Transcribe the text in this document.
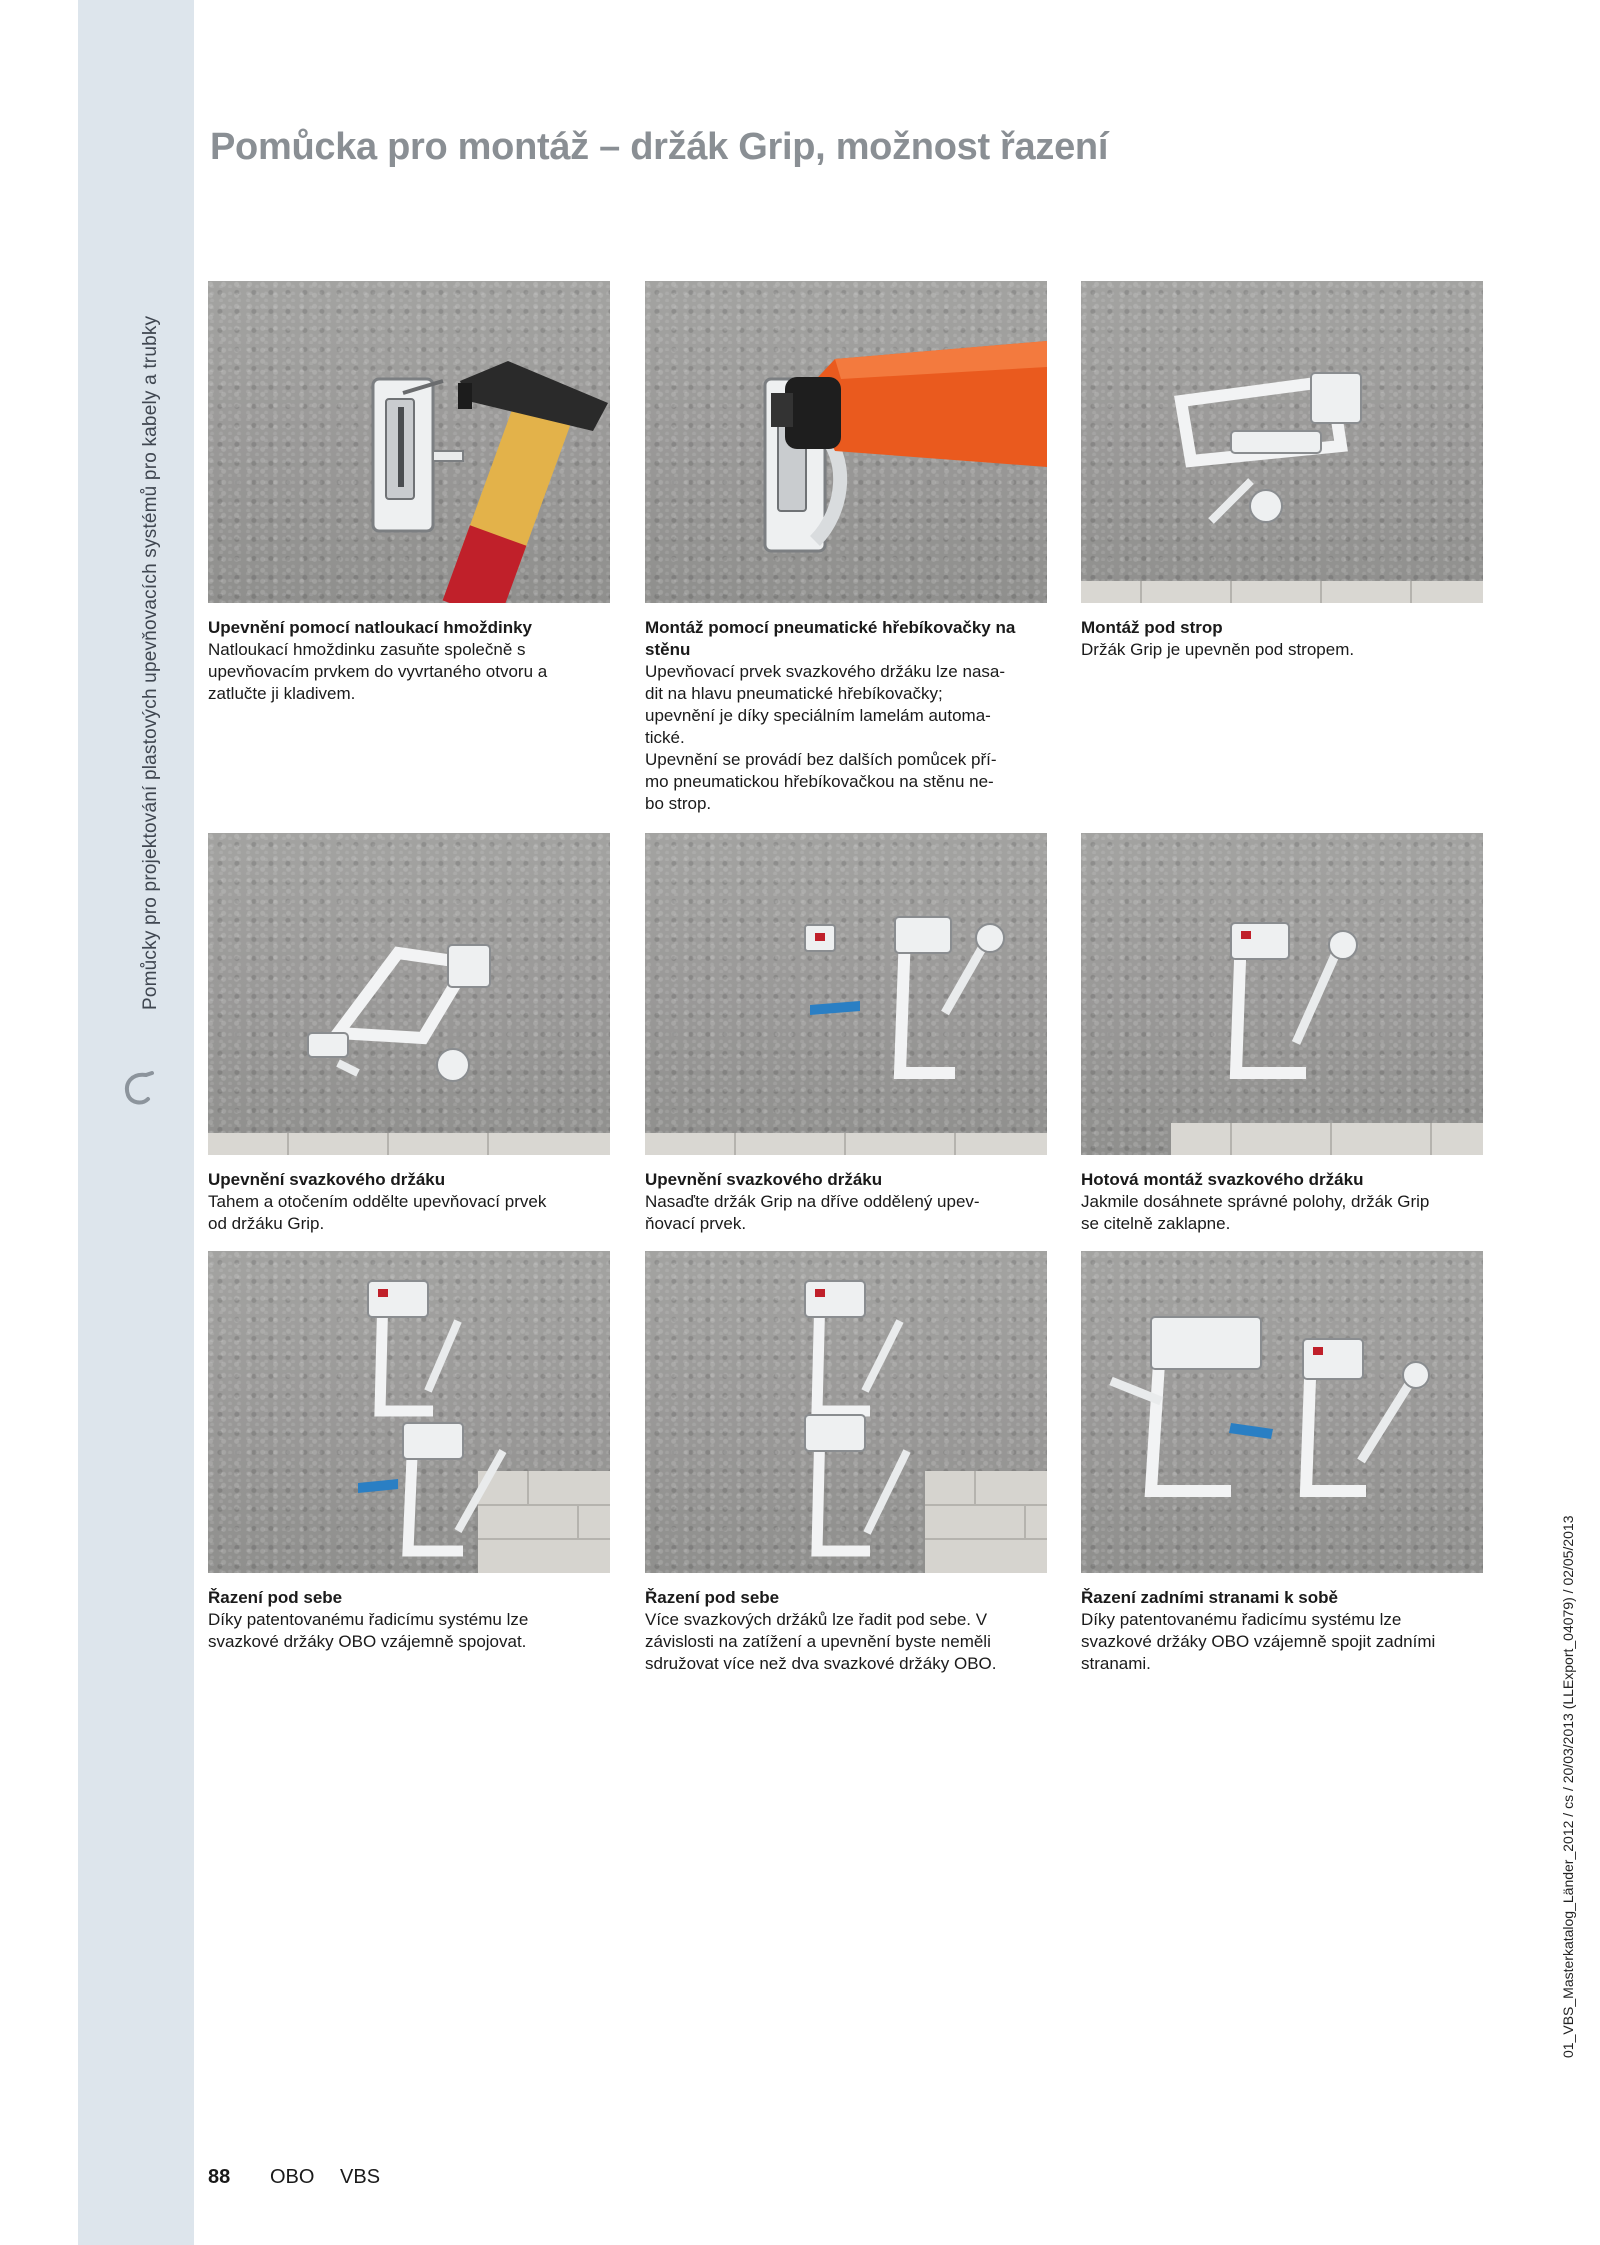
Pomůcky pro projektování plastových upevňovacích systémů pro kabely a trubky
Pomůcka pro montáž – držák Grip, možnost řazení
Upevnění pomocí natloukací hmoždinky
Natloukací hmoždinku zasuňte společně s
upevňovacím prvkem do vyvrtaného otvoru a
zatlučte ji kladivem.
Montáž pomocí pneumatické hřebíkovačky na
stěnu
Upevňovací prvek svazkového držáku lze nasa-
dit na hlavu pneumatické hřebíkovačky;
upevnění je díky speciálním lamelám automa-
tické.
Upevnění se provádí bez dalších pomůcek pří-
mo pneumatickou hřebíkovačkou na stěnu ne-
bo strop.
Montáž pod strop
Držák Grip je upevněn pod stropem.
Upevnění svazkového držáku
Tahem a otočením oddělte upevňovací prvek
od držáku Grip.
Upevnění svazkového držáku
Nasaďte držák Grip na dříve oddělený upev-
ňovací prvek.
Hotová montáž svazkového držáku
Jakmile dosáhnete správné polohy, držák Grip
se citelně zaklapne.
Řazení pod sebe
Díky patentovanému řadicímu systému lze
svazkové držáky OBO vzájemně spojovat.
Řazení pod sebe
Více svazkových držáků lze řadit pod sebe. V
závislosti na zatížení a upevnění byste neměli
sdružovat více než dva svazkové držáky OBO.
Řazení zadními stranami k sobě
Díky patentovanému řadicímu systému lze
svazkové držáky OBO vzájemně spojit zadními
stranami.
88 OBO VBS
01_VBS_Masterkatalog_Länder_2012 / cs / 20/03/2013 (LLExport_04079) / 02/05/2013
